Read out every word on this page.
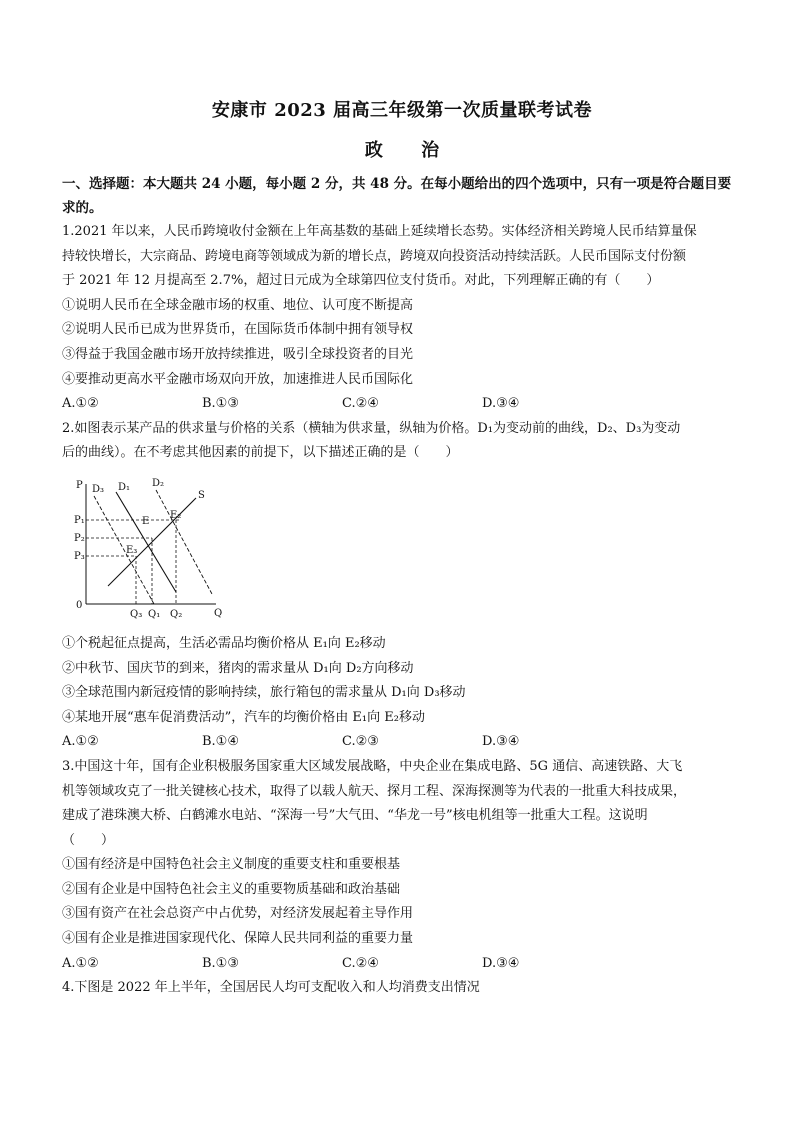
安康市 2023 届高三年级第一次质量联考试卷
政 治

一、选择题：本大题共 24 小题，每小题 2 分，共 48 分。在每小题给出的四个选项中，只有一项是符合题目要求的。

1.2021 年以来，人民币跨境收付金额在上年高基数的基础上延续增长态势。实体经济相关跨境人民币结算量保

持较快增长，大宗商品、跨境电商等领域成为新的增长点，跨境双向投资活动持续活跃。人民币国际支付份额

于 2021 年 12 月提高至 2.7%，超过日元成为全球第四位支付货币。对此，下列理解正确的有（　　）

①说明人民币在全球金融市场的权重、地位、认可度不断提高

②说明人民币已成为世界货币，在国际货币体制中拥有领导权

③得益于我国金融市场开放持续推进，吸引全球投资者的目光

④要推动更高水平金融市场双向开放，加速推进人民币国际化

A.①②	B.①③	C.②④	D.③④

2.如图表示某产品的供求量与价格的关系（横轴为供求量，纵轴为价格。D₁为变动前的曲线，D₂、D₃为变动

后的曲线）。在不考虑其他因素的前提下，以下描述正确的是（　　）

P
Q
0
P₁
P₂
P₃
Q₃ Q₁ Q₂
S
D₃ D₁ D₂
E
E₂
E₃

①个税起征点提高，生活必需品均衡价格从 E₁向 E₂移动

②中秋节、国庆节的到来，猪肉的需求量从 D₁向 D₂方向移动

③全球范围内新冠疫情的影响持续，旅行箱包的需求量从 D₁向 D₃移动

④某地开展“惠车促消费活动”，汽车的均衡价格由 E₁向 E₂移动

A.①②	B.①④	C.②③	D.③④

3.中国这十年，国有企业积极服务国家重大区域发展战略，中央企业在集成电路、5G 通信、高速铁路、大飞

机等领域攻克了一批关键核心技术，取得了以载人航天、探月工程、深海探测等为代表的一批重大科技成果，

建成了港珠澳大桥、白鹤滩水电站、“深海一号”大气田、“华龙一号”核电机组等一批重大工程。这说明

（　　）

①国有经济是中国特色社会主义制度的重要支柱和重要根基

②国有企业是中国特色社会主义的重要物质基础和政治基础

③国有资产在社会总资产中占优势，对经济发展起着主导作用

④国有企业是推进国家现代化、保障人民共同利益的重要力量

A.①②	B.①③	C.②④	D.③④

4.下图是 2022 年上半年，全国居民人均可支配收入和人均消费支出情况
